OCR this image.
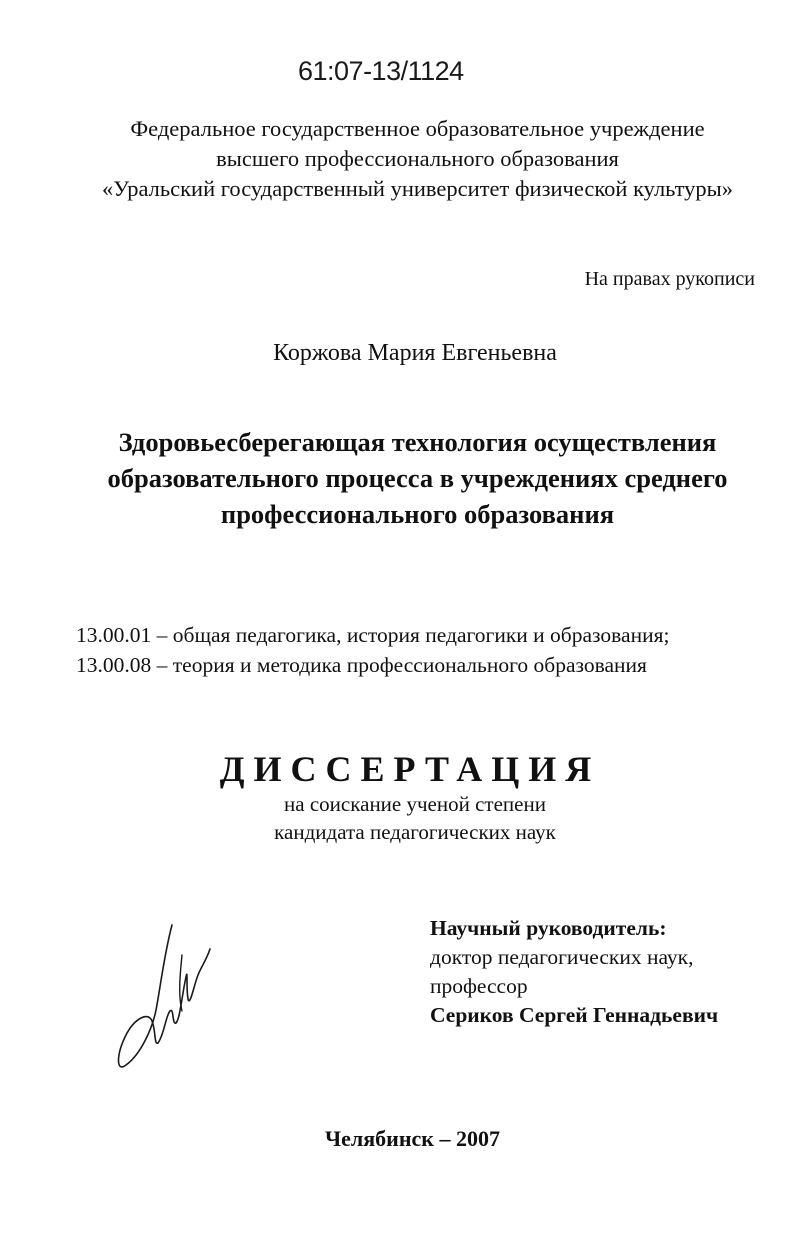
61:07-13/1124
Федеральное государственное образовательное учреждение
высшего профессионального образования
«Уральский государственный университет физической культуры»
На правах рукописи
Коржова Мария Евгеньевна
Здоровьесберегающая технология осуществления
образовательного процесса в учреждениях среднего
профессионального образования
13.00.01 – общая педагогика, история педагогики и образования;
13.00.08 – теория и методика профессионального образования
ДИССЕРТАЦИЯ
на соискание ученой степени
кандидата педагогических наук
Научный руководитель:
доктор педагогических наук,
профессор
Сериков Сергей Геннадьевич
Челябинск – 2007
